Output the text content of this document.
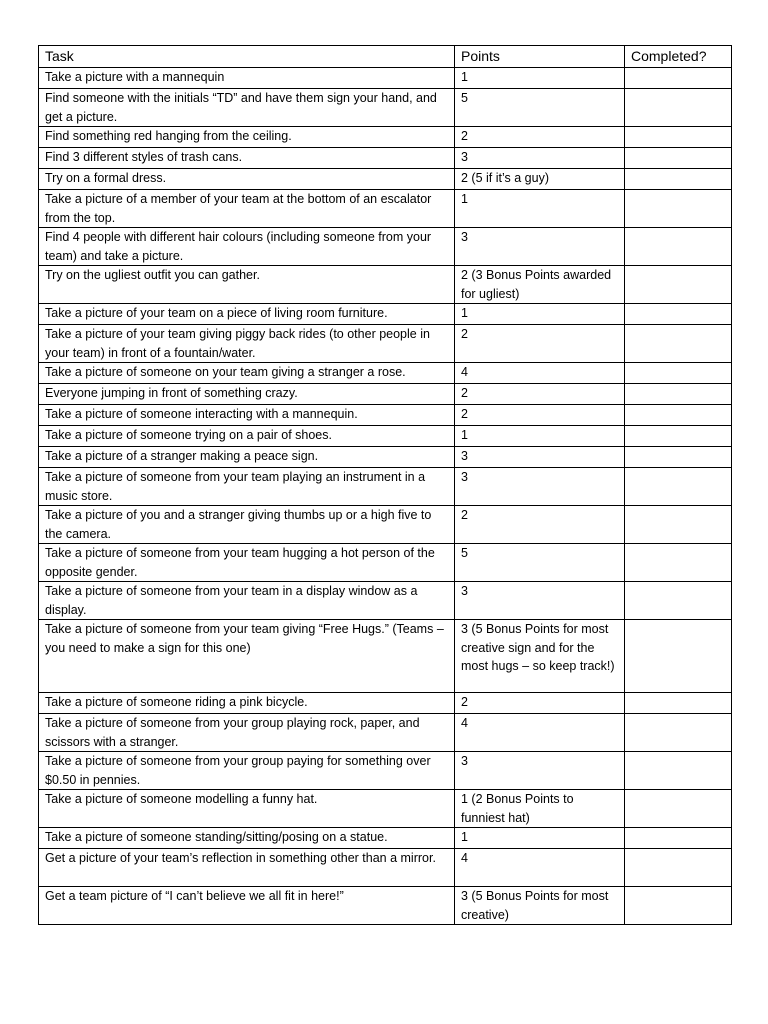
Task	Points	Completed?
Take a picture with a mannequin	1	
Find someone with the initials “TD” and have them sign your hand, and get a picture.	5	
Find something red hanging from the ceiling.	2	
Find 3 different styles of trash cans.	3	
Try on a formal dress.	2 (5 if it’s a guy)	
Take a picture of a member of your team at the bottom of an escalator from the top.	1	
Find 4 people with different hair colours (including someone from your team) and take a picture.	3	
Try on the ugliest outfit you can gather.	2 (3 Bonus Points awarded for ugliest)	
Take a picture of your team on a piece of living room furniture.	1	
Take a picture of your team giving piggy back rides (to other people in your team) in front of a fountain/water.	2	
Take a picture of someone on your team giving a stranger a rose.	4	
Everyone jumping in front of something crazy.	2	
Take a picture of someone interacting with a mannequin.	2	
Take a picture of someone trying on a pair of shoes.	1	
Take a picture of a stranger making a peace sign.	3	
Take a picture of someone from your team playing an instrument in a music store.	3	
Take a picture of you and a stranger giving thumbs up or a high five to the camera.	2	
Take a picture of someone from your team hugging a hot person of the opposite gender.	5	
Take a picture of someone from your team in a display window as a display.	3	
Take a picture of someone from your team giving “Free Hugs.” (Teams – you need to make a sign for this one)	3 (5 Bonus Points for most creative sign and for the most hugs – so keep track!)	
Take a picture of someone riding a pink bicycle.	2	
Take a picture of someone from your group playing rock, paper, and scissors with a stranger.	4	
Take a picture of someone from your group paying for something over $0.50 in pennies.	3	
Take a picture of someone modelling a funny hat.	1 (2 Bonus Points to funniest hat)	
Take a picture of someone standing/sitting/posing on a statue.	1	
Get a picture of your team’s reflection in something other than a mirror.	4	
Get a team picture of “I can’t believe we all fit in here!”	3 (5 Bonus Points for most creative)	
